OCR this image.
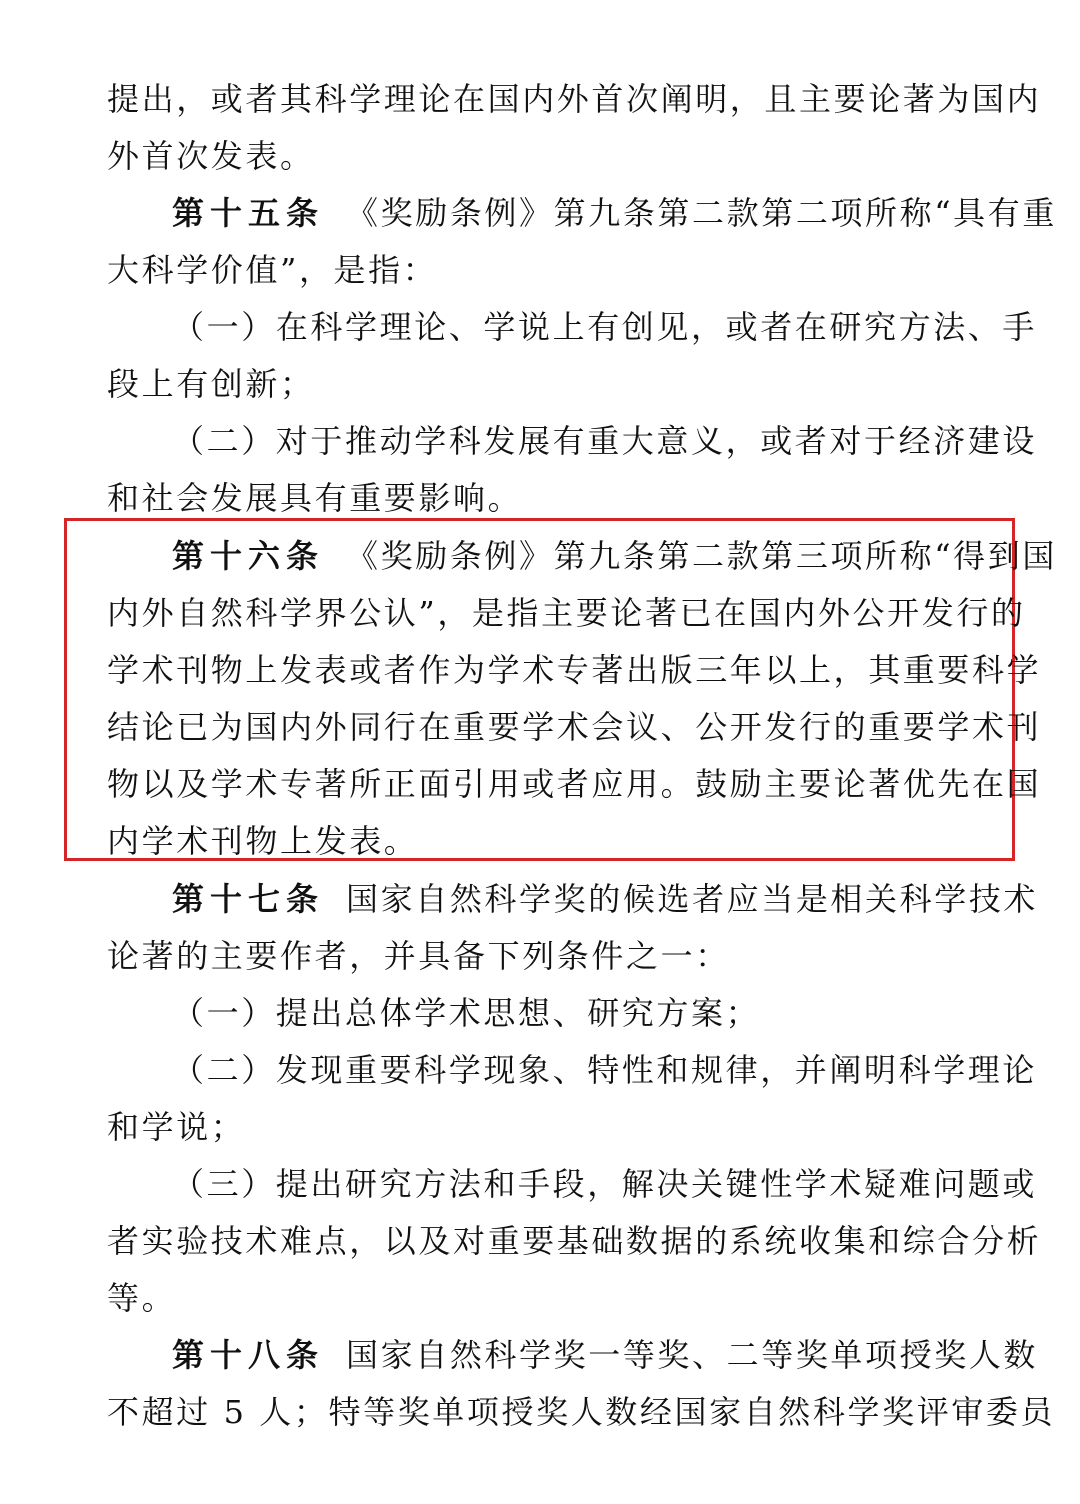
提出，或者其科学理论在国内外首次阐明，且主要论著为国内
外首次发表。
第十五条 《奖励条例》第九条第二款第二项所称“具有重
大科学价值”，是指：
（一）在科学理论、学说上有创见，或者在研究方法、手
段上有创新；
（二）对于推动学科发展有重大意义，或者对于经济建设
和社会发展具有重要影响。
第十六条 《奖励条例》第九条第二款第三项所称“得到国
内外自然科学界公认”，是指主要论著已在国内外公开发行的
学术刊物上发表或者作为学术专著出版三年以上，其重要科学
结论已为国内外同行在重要学术会议、公开发行的重要学术刊
物以及学术专著所正面引用或者应用。鼓励主要论著优先在国
内学术刊物上发表。
第十七条 国家自然科学奖的候选者应当是相关科学技术
论著的主要作者，并具备下列条件之一：
（一）提出总体学术思想、研究方案；
（二）发现重要科学现象、特性和规律，并阐明科学理论
和学说；
（三）提出研究方法和手段，解决关键性学术疑难问题或
者实验技术难点，以及对重要基础数据的系统收集和综合分析
等。
第十八条 国家自然科学奖一等奖、二等奖单项授奖人数
不超过 5 人；特等奖单项授奖人数经国家自然科学奖评审委员
